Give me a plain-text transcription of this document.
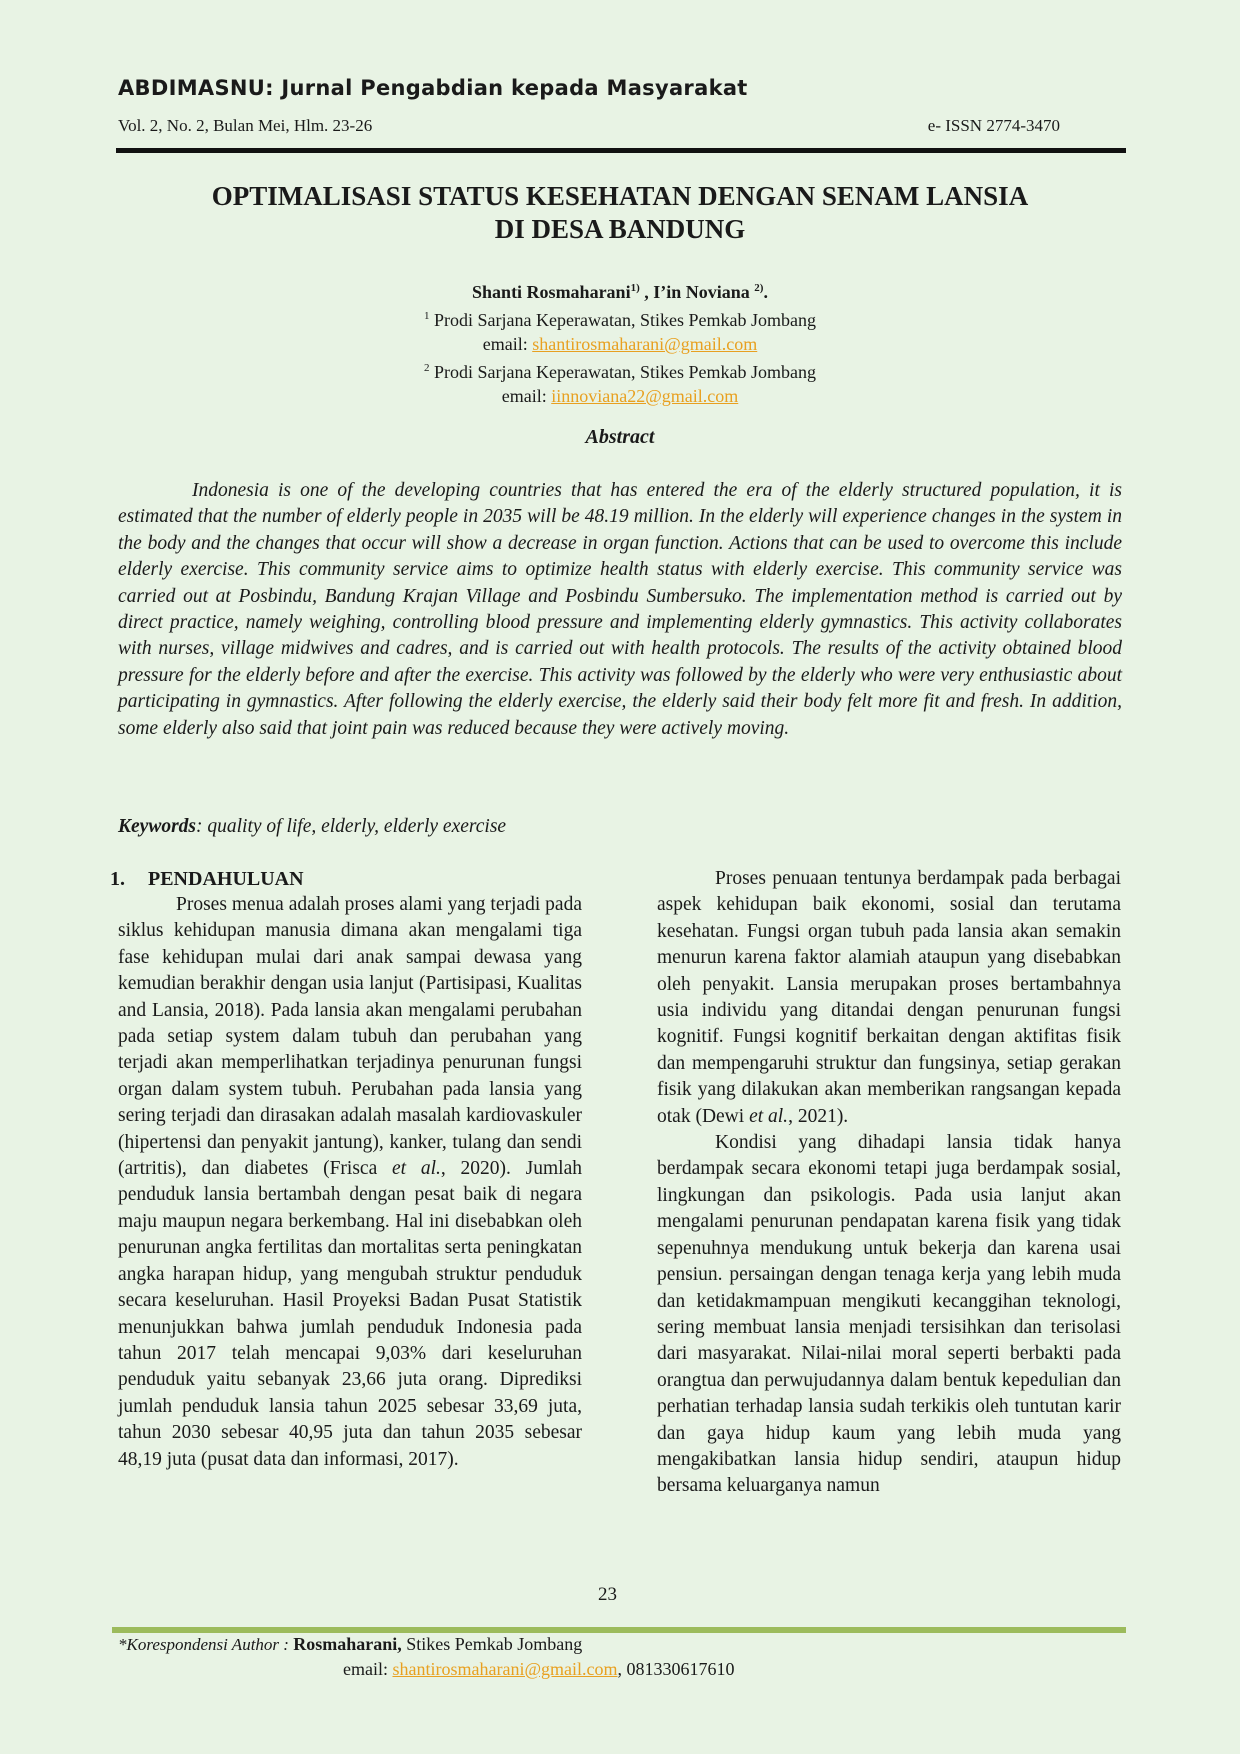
ABDIMASNU: Jurnal Pengabdian kepada Masyarakat
Vol. 2, No. 2, Bulan Mei, Hlm. 23-26	e- ISSN 2774-3470
OPTIMALISASI STATUS KESEHATAN DENGAN SENAM LANSIA
DI DESA BANDUNG
Shanti Rosmaharani$^{1)}$ , I’in Noviana $^{2)}$.
$^1$ Prodi Sarjana Keperawatan, Stikes Pemkab Jombang
email: shantirosmaharani@gmail.com
$^2$ Prodi Sarjana Keperawatan, Stikes Pemkab Jombang
email: iinnoviana22@gmail.com
Abstract

Indonesia is one of the developing countries that has entered the era of the elderly structured population, it is estimated that the number of elderly people in 2035 will be 48.19 million. In the elderly will experience changes in the system in the body and the changes that occur will show a decrease in organ function. Actions that can be used to overcome this include elderly exercise. This community service aims to optimize health status with elderly exercise. This community service was carried out at Posbindu, Bandung Krajan Village and Posbindu Sumbersuko. The implementation method is carried out by direct practice, namely weighing, controlling blood pressure and implementing elderly gymnastics. This activity collaborates with nurses, village midwives and cadres, and is carried out with health protocols. The results of the activity obtained blood pressure for the elderly before and after the exercise. This activity was followed by the elderly who were very enthusiastic about participating in gymnastics. After following the elderly exercise, the elderly said their body felt more fit and fresh. In addition, some elderly also said that joint pain was reduced because they were actively moving.

Keywords: quality of life, elderly, elderly exercise
1. PENDAHULUAN

Proses menua adalah proses alami yang terjadi pada siklus kehidupan manusia dimana akan mengalami tiga fase kehidupan mulai dari anak sampai dewasa yang kemudian berakhir dengan usia lanjut (Partisipasi, Kualitas and Lansia, 2018). Pada lansia akan mengalami perubahan pada setiap system dalam tubuh dan perubahan yang terjadi akan memperlihatkan terjadinya penurunan fungsi organ dalam system tubuh. Perubahan pada lansia yang sering terjadi dan dirasakan adalah masalah kardiovaskuler (hipertensi dan penyakit jantung), kanker, tulang dan sendi (artritis), dan diabetes (Frisca et al., 2020). Jumlah penduduk lansia bertambah dengan pesat baik di negara maju maupun negara berkembang. Hal ini disebabkan oleh penurunan angka fertilitas dan mortalitas serta peningkatan angka harapan hidup, yang mengubah struktur penduduk secara keseluruhan. Hasil Proyeksi Badan Pusat Statistik menunjukkan bahwa jumlah penduduk Indonesia pada tahun 2017 telah mencapai 9,03% dari keseluruhan penduduk yaitu sebanyak 23,66 juta orang. Diprediksi jumlah penduduk lansia tahun 2025 sebesar 33,69 juta, tahun 2030 sebesar 40,95 juta dan tahun 2035 sebesar 48,19 juta (pusat data dan informasi, 2017).

Proses penuaan tentunya berdampak pada berbagai aspek kehidupan baik ekonomi, sosial dan terutama kesehatan. Fungsi organ tubuh pada lansia akan semakin menurun karena faktor alamiah ataupun yang disebabkan oleh penyakit. Lansia merupakan proses bertambahnya usia individu yang ditandai dengan penurunan fungsi kognitif. Fungsi kognitif berkaitan dengan aktifitas fisik dan mempengaruhi struktur dan fungsinya, setiap gerakan fisik yang dilakukan akan memberikan rangsangan kepada otak (Dewi et al., 2021).

Kondisi yang dihadapi lansia tidak hanya berdampak secara ekonomi tetapi juga berdampak sosial, lingkungan dan psikologis. Pada usia lanjut akan mengalami penurunan pendapatan karena fisik yang tidak sepenuhnya mendukung untuk bekerja dan karena usai pensiun. persaingan dengan tenaga kerja yang lebih muda dan ketidakmampuan mengikuti kecanggihan teknologi, sering membuat lansia menjadi tersisihkan dan terisolasi dari masyarakat. Nilai-nilai moral seperti berbakti pada orangtua dan perwujudannya dalam bentuk kepedulian dan perhatian terhadap lansia sudah terkikis oleh tuntutan karir dan gaya hidup kaum yang lebih muda yang mengakibatkan lansia hidup sendiri, ataupun hidup bersama keluarganya namun

23
*Korespondensi Author : Rosmaharani, Stikes Pemkab Jombang
email: shantirosmaharani@gmail.com, 081330617610
